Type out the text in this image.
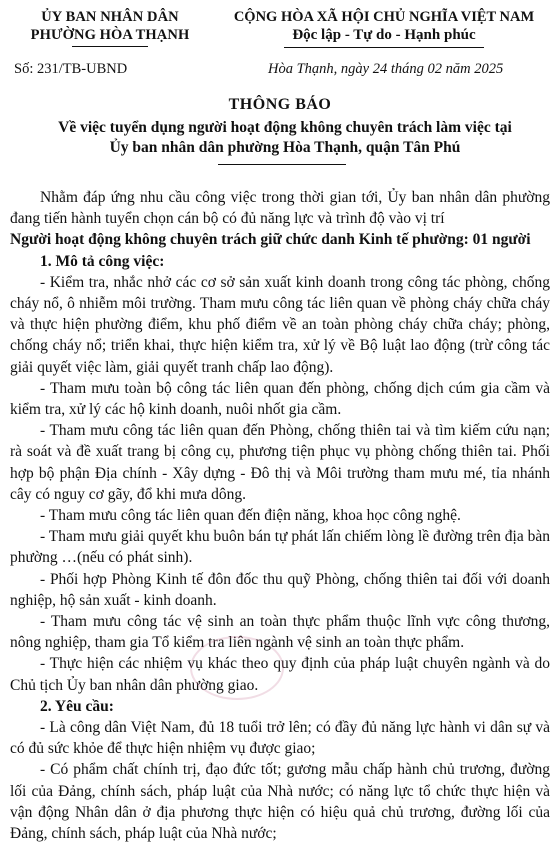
ỦY BAN NHÂN DÂN
PHƯỜNG HÒA THẠNH
CỘNG HÒA XÃ HỘI CHỦ NGHĨA VIỆT NAM
Độc lập - Tự do - Hạnh phúc
Số: 231/TB-UBND	Hòa Thạnh, ngày 24 tháng 02 năm 2025
THÔNG BÁO
Về việc tuyển dụng người hoạt động không chuyên trách làm việc tại
Ủy ban nhân dân phường Hòa Thạnh, quận Tân Phú

Nhằm đáp ứng nhu cầu công việc trong thời gian tới, Ủy ban nhân dân phường đang tiến hành tuyển chọn cán bộ có đủ năng lực và trình độ vào vị trí

Người hoạt động không chuyên trách giữ chức danh Kinh tế phường: 01 người

1. Mô tả công việc:

- Kiểm tra, nhắc nhở các cơ sở sản xuất kinh doanh trong công tác phòng, chống cháy nổ, ô nhiễm môi trường. Tham mưu công tác liên quan về phòng cháy chữa cháy và thực hiện phường điểm, khu phố điểm về an toàn phòng cháy chữa cháy; phòng, chống cháy nổ; triển khai, thực hiện kiểm tra, xử lý về Bộ luật lao động (trừ công tác giải quyết việc làm, giải quyết tranh chấp lao động).

- Tham mưu toàn bộ công tác liên quan đến phòng, chống dịch cúm gia cầm và kiểm tra, xử lý các hộ kinh doanh, nuôi nhốt gia cầm.

- Tham mưu công tác liên quan đến Phòng, chống thiên tai và tìm kiếm cứu nạn; rà soát và đề xuất trang bị công cụ, phương tiện phục vụ phòng chống thiên tai. Phối hợp bộ phận Địa chính - Xây dựng - Đô thị và Môi trường tham mưu mé, tỉa nhánh cây có nguy cơ gãy, đổ khi mưa dông.

- Tham mưu công tác liên quan đến điện năng, khoa học công nghệ.

- Tham mưu giải quyết khu buôn bán tự phát lấn chiếm lòng lề đường trên địa bàn phường …(nếu có phát sinh).

- Phối hợp Phòng Kinh tế đôn đốc thu quỹ Phòng, chống thiên tai đối với doanh nghiệp, hộ sản xuất - kinh doanh.

- Tham mưu công tác vệ sinh an toàn thực phẩm thuộc lĩnh vực công thương, nông nghiệp, tham gia Tổ kiểm tra liên ngành vệ sinh an toàn thực phẩm.

- Thực hiện các nhiệm vụ khác theo quy định của pháp luật chuyên ngành và do Chủ tịch Ủy ban nhân dân phường giao.

2. Yêu cầu:

- Là công dân Việt Nam, đủ 18 tuổi trở lên; có đầy đủ năng lực hành vi dân sự và có đủ sức khỏe để thực hiện nhiệm vụ được giao;

- Có phẩm chất chính trị, đạo đức tốt; gương mẫu chấp hành chủ trương, đường lối của Đảng, chính sách, pháp luật của Nhà nước; có năng lực tổ chức thực hiện và vận động Nhân dân ở địa phương thực hiện có hiệu quả chủ trương, đường lối của Đảng, chính sách, pháp luật của Nhà nước;
